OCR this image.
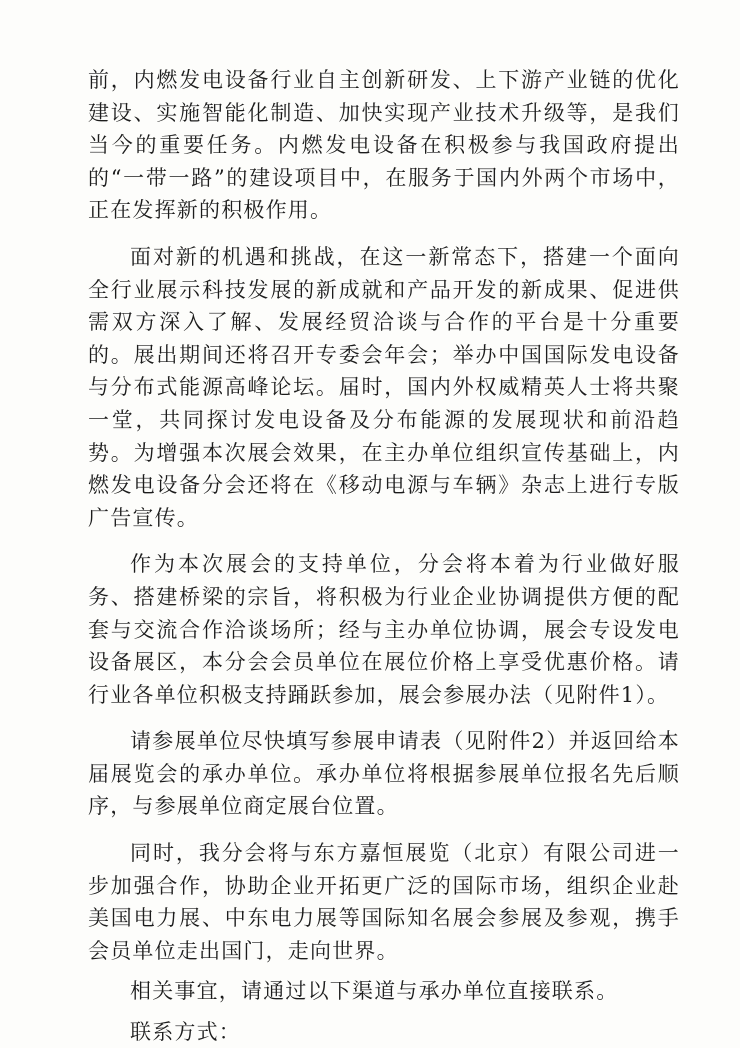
前，内燃发电设备行业自主创新研发、上下游产业链的优化建设、实施智能化制造、加快实现产业技术升级等，是我们当今的重要任务。内燃发电设备在积极参与我国政府提出的“一带一路”的建设项目中，在服务于国内外两个市场中，正在发挥新的积极作用。

面对新的机遇和挑战，在这一新常态下，搭建一个面向全行业展示科技发展的新成就和产品开发的新成果、促进供需双方深入了解、发展经贸洽谈与合作的平台是十分重要的。展出期间还将召开专委会年会；举办中国国际发电设备与分布式能源高峰论坛。届时，国内外权威精英人士将共聚一堂，共同探讨发电设备及分布能源的发展现状和前沿趋势。为增强本次展会效果，在主办单位组织宣传基础上，内燃发电设备分会还将在《移动电源与车辆》杂志上进行专版广告宣传。

作为本次展会的支持单位，分会将本着为行业做好服务、搭建桥梁的宗旨，将积极为行业企业协调提供方便的配套与交流合作洽谈场所；经与主办单位协调，展会专设发电设备展区，本分会会员单位在展位价格上享受优惠价格。请行业各单位积极支持踊跃参加，展会参展办法（见附件1）。

请参展单位尽快填写参展申请表（见附件2）并返回给本届展览会的承办单位。承办单位将根据参展单位报名先后顺序，与参展单位商定展台位置。

同时，我分会将与东方嘉恒展览（北京）有限公司进一步加强合作，协助企业开拓更广泛的国际市场，组织企业赴美国电力展、中东电力展等国际知名展会参展及参观，携手会员单位走出国门，走向世界。

相关事宜，请通过以下渠道与承办单位直接联系。

联系方式：
